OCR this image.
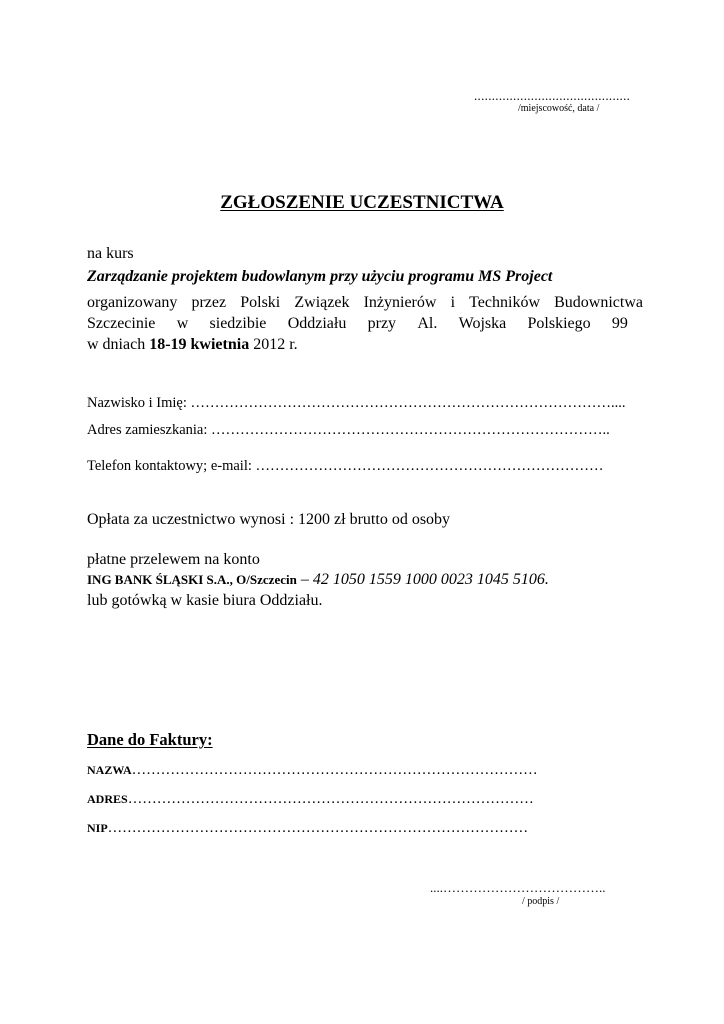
............................................
/miejscowość, data /
ZGŁOSZENIE UCZESTNICTWA
na kurs
Zarządzanie projektem budowlanym przy użyciu programu MS Project
organizowany przez Polski Związek Inżynierów i Techników Budownictwa
Szczecinie w siedzibie Oddziału przy Al. Wojska Polskiego 99
w dniach 18-19 kwietnia 2012 r.
Nazwisko i Imię: ……………………………………………………………………………....
Adres zamieszkania: ………………………………………………………………………..
Telefon kontaktowy; e-mail: ………………………………………………………………
Opłata za uczestnictwo wynosi : 1200 zł brutto od osoby
płatne przelewem na konto
ING BANK ŚLĄSKI S.A., O/Szczecin – 42 1050 1559 1000 0023 1045 5106.
lub gotówką w kasie biura Oddziału.
Dane do Faktury:
NAZWA…………………………………………………………………………
ADRES…………………………………………………………………………
NIP……………………………………………………………………………
....………………………………..
/ podpis /
